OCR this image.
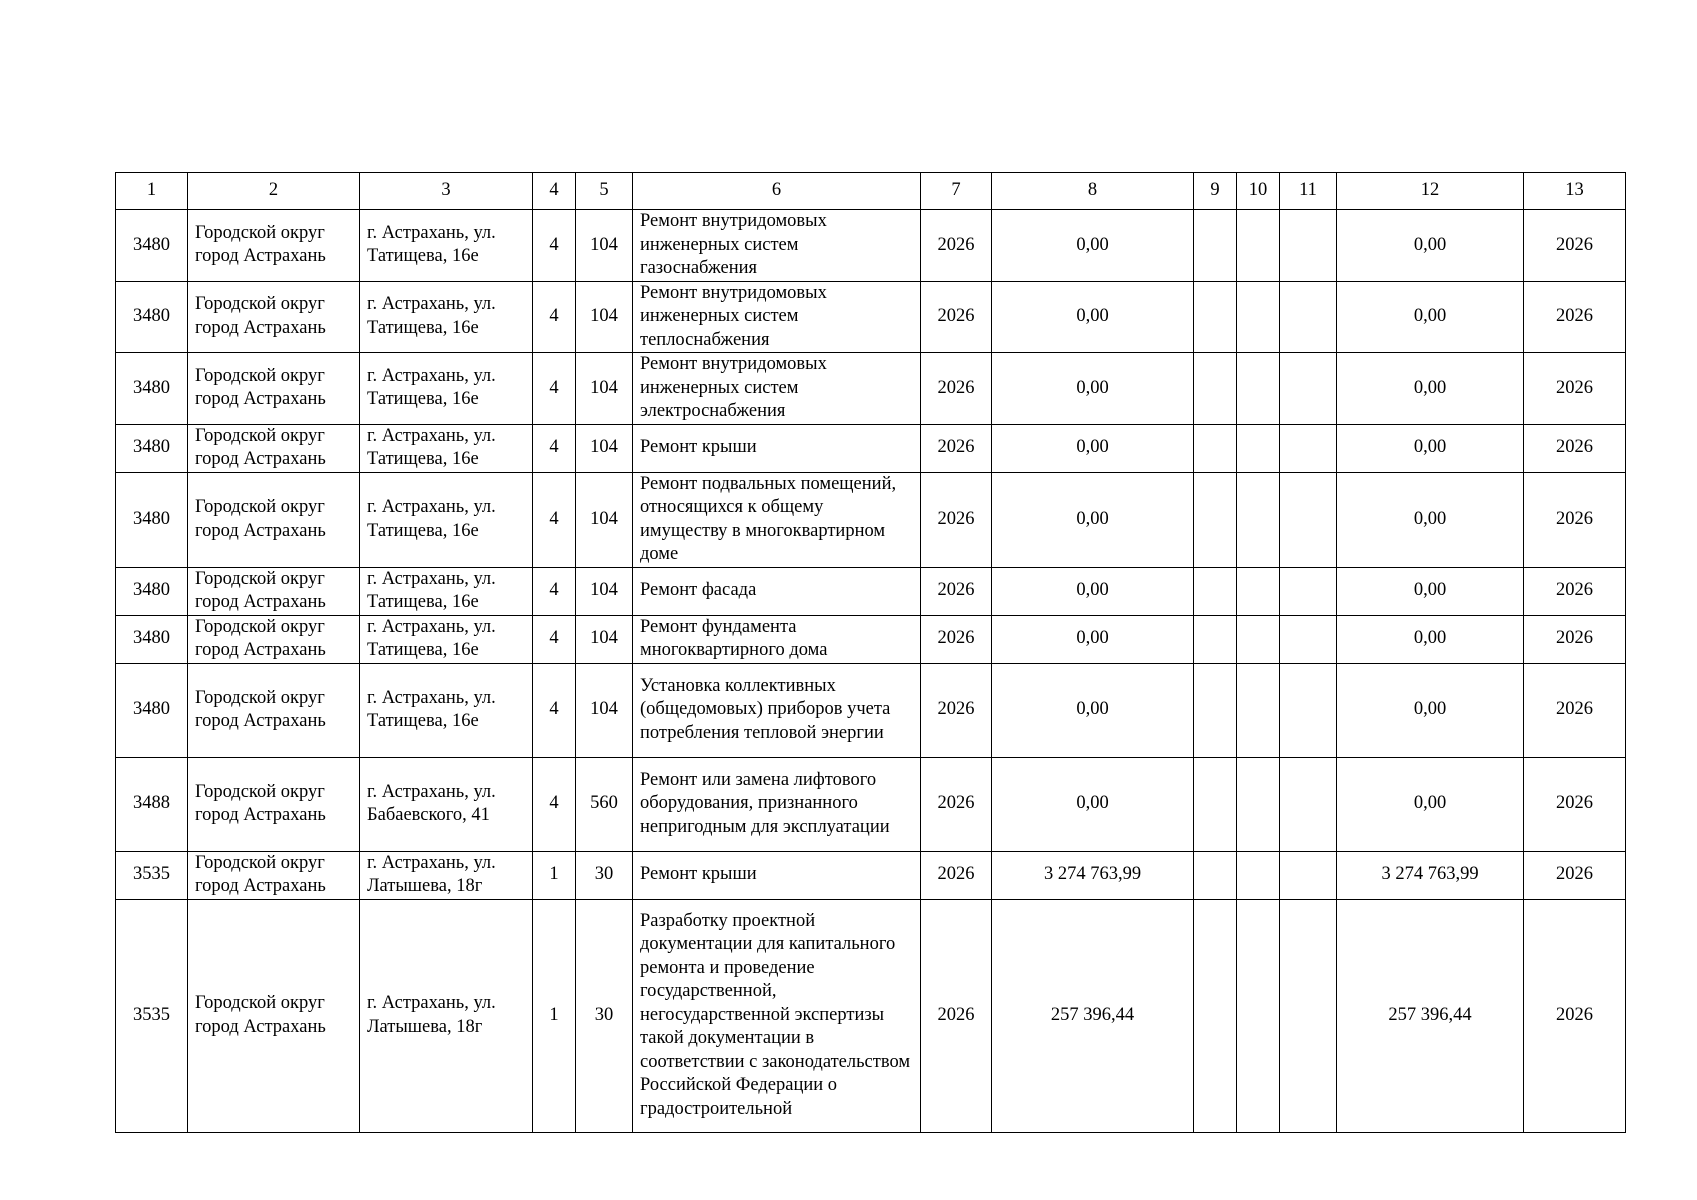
1	2	3	4	5	6	7	8	9	10	11	12	13
3480	Городской округ город Астрахань	г. Астрахань, ул. Татищева, 16е	4	104	Ремонт внутридомовых инженерных систем газоснабжения	2026	0,00				0,00	2026
3480	Городской округ город Астрахань	г. Астрахань, ул. Татищева, 16е	4	104	Ремонт внутридомовых инженерных систем теплоснабжения	2026	0,00				0,00	2026
3480	Городской округ город Астрахань	г. Астрахань, ул. Татищева, 16е	4	104	Ремонт внутридомовых инженерных систем электроснабжения	2026	0,00				0,00	2026
3480	Городской округ город Астрахань	г. Астрахань, ул. Татищева, 16е	4	104	Ремонт крыши	2026	0,00				0,00	2026
3480	Городской округ город Астрахань	г. Астрахань, ул. Татищева, 16е	4	104	Ремонт подвальных помещений, относящихся к общему имуществу в многоквартирном доме	2026	0,00				0,00	2026
3480	Городской округ город Астрахань	г. Астрахань, ул. Татищева, 16е	4	104	Ремонт фасада	2026	0,00				0,00	2026
3480	Городской округ город Астрахань	г. Астрахань, ул. Татищева, 16е	4	104	Ремонт фундамента многоквартирного дома	2026	0,00				0,00	2026
3480	Городской округ город Астрахань	г. Астрахань, ул. Татищева, 16е	4	104	Установка коллективных (общедомовых) приборов учета потребления тепловой энергии	2026	0,00				0,00	2026
3488	Городской округ город Астрахань	г. Астрахань, ул. Бабаевского, 41	4	560	Ремонт или замена лифтового оборудования, признанного непригодным для эксплуатации	2026	0,00				0,00	2026
3535	Городской округ город Астрахань	г. Астрахань, ул. Латышева, 18г	1	30	Ремонт крыши	2026	3 274 763,99				3 274 763,99	2026
3535	Городской округ город Астрахань	г. Астрахань, ул. Латышева, 18г	1	30	Разработку проектной документации для капитального ремонта и проведение государственной, негосударственной экспертизы такой документации в соответствии с законодательством Российской Федерации о градостроительной	2026	257 396,44				257 396,44	2026
